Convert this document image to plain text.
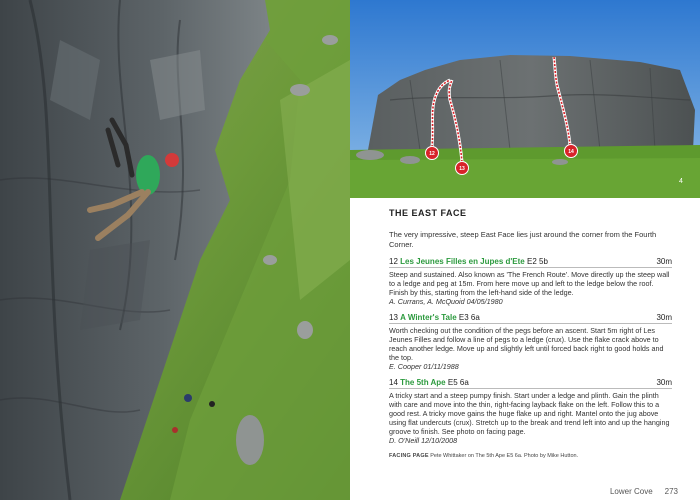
12
13
14
4
THE EAST FACE

The very impressive, steep East Face lies just around the corner from the Fourth Corner.

12 Les Jeunes Filles en Jupes d'Ete E2 5b	30m

Steep and sustained. Also known as 'The French Route'. Move directly up the steep wall to a ledge and peg at 15m. From here move up and left to the ledge below the roof. Finish by this, starting from the left-hand side of the ledge.

A. Currans, A. McQuoid 04/05/1980

13 A Winter's Tale E3 6a	30m

Worth checking out the condition of the pegs before an ascent. Start 5m right of Les Jeunes Filles and follow a line of pegs to a ledge (crux). Use the flake crack above to reach another ledge. Move up and slightly left until forced back right to good holds and the top.

E. Cooper 01/11/1988

14 The 5th Ape E5 6a	30m

A tricky start and a steep pumpy finish. Start under a ledge and plinth. Gain the plinth with care and move into the thin, right-facing layback flake on the left. Follow this to a good rest. A tricky move gains the huge flake up and right. Mantel onto the jug above using flat undercuts (crux). Stretch up to the break and trend left into and up the hanging groove to finish. See photo on facing page.

D. O'Neill 12/10/2008

FACING PAGE Pete Whittaker on The 5th Ape E5 6a. Photo by Mike Hutton.
Lower Cove 273
